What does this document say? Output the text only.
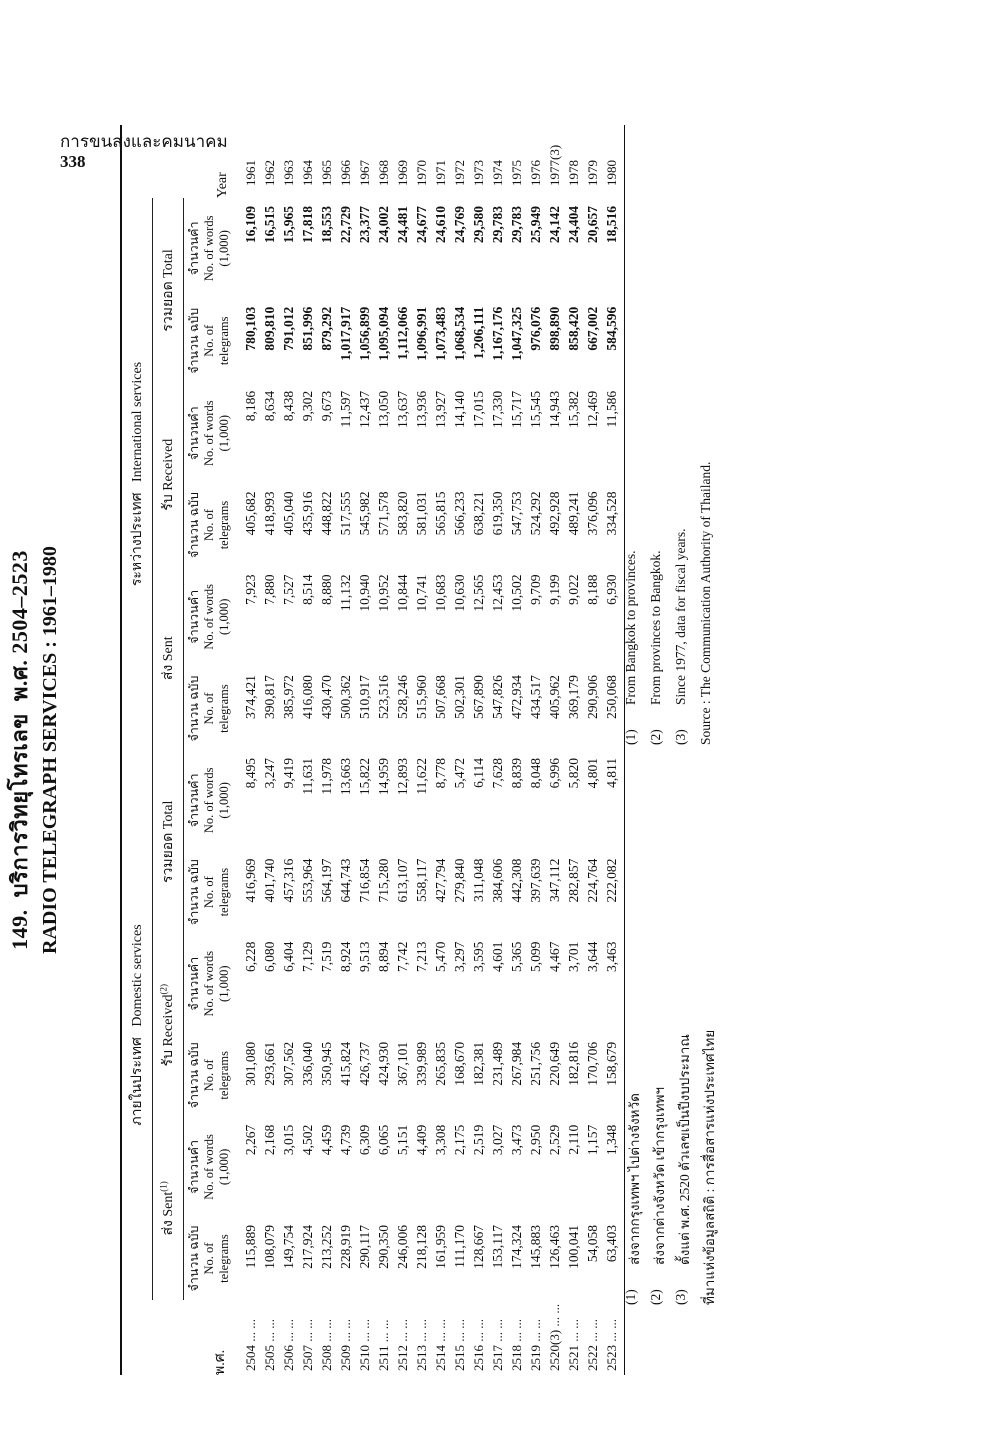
การขนส่งและคมนาคม
338
149.บริการวิทยุโทรเลขพ.ศ. 2504–2523 RADIO TELEGRAPH SERVICES : 1961–1980
พ.ศ.	ภายในประเทศ   Domestic services						ระหว่างประเทศ   International services						Year
	ส่ง Sent$^{(1)}$		รับ Received$^{(2)}$		รวมยอด Total		ส่ง Sent		รับ Received		รวมยอด Total		

	จำนวน ฉบับ No. of telegrams	จำนวนคำ No. of words (1,000)	จำนวน ฉบับ No. of telegrams	จำนวนคำ No. of words (1,000)	จำนวน ฉบับ No. of telegrams	จำนวนคำ No. of words (1,000)	จำนวน ฉบับ No. of telegrams	จำนวนคำ No. of words (1,000)	จำนวน ฉบับ No. of telegrams	จำนวนคำ No. of words (1,000)	จำนวน ฉบับ No. of telegrams	จำนวนคำ No. of words (1,000)	

2504 ... ...	115,889	2,267	301,080	6,228	416,969	8,495	374,421	7,923	405,682	8,186	780,103	16,109	1961
2505 ... ...	108,079	2,168	293,661	6,080	401,740	3,247	390,817	7,880	418,993	8,634	809,810	16,515	1962
2506 ... ...	149,754	3,015	307,562	6,404	457,316	9,419	385,972	7,527	405,040	8,438	791,012	15,965	1963
2507 ... ...	217,924	4,502	336,040	7,129	553,964	11,631	416,080	8,514	435,916	9,302	851,996	17,818	1964
2508 ... ...	213,252	4,459	350,945	7,519	564,197	11,978	430,470	8,880	448,822	9,673	879,292	18,553	1965
2509 ... ...	228,919	4,739	415,824	8,924	644,743	13,663	500,362	11,132	517,555	11,597	1,017,917	22,729	1966
2510 ... ...	290,117	6,309	426,737	9,513	716,854	15,822	510,917	10,940	545,982	12,437	1,056,899	23,377	1967
2511 ... ...	290,350	6,065	424,930	8,894	715,280	14,959	523,516	10,952	571,578	13,050	1,095,094	24,002	1968
2512 ... ...	246,006	5,151	367,101	7,742	613,107	12,893	528,246	10,844	583,820	13,637	1,112,066	24,481	1969
2513 ... ...	218,128	4,409	339,989	7,213	558,117	11,622	515,960	10,741	581,031	13,936	1,096,991	24,677	1970
2514 ... ...	161,959	3,308	265,835	5,470	427,794	8,778	507,668	10,683	565,815	13,927	1,073,483	24,610	1971
2515 ... ...	111,170	2,175	168,670	3,297	279,840	5,472	502,301	10,630	566,233	14,140	1,068,534	24,769	1972
2516 ... ...	128,667	2,519	182,381	3,595	311,048	6,114	567,890	12,565	638,221	17,015	1,206,111	29,580	1973
2517 ... ...	153,117	3,027	231,489	4,601	384,606	7,628	547,826	12,453	619,350	17,330	1,167,176	29,783	1974
2518 ... ...	174,324	3,473	267,984	5,365	442,308	8,839	472,934	10,502	547,753	15,717	1,047,325	29,783	1975
2519 ... ...	145,883	2,950	251,756	5,099	397,639	8,048	434,517	9,709	524,292	15,545	976,076	25,949	1976
2520(3) ... ...	126,463	2,529	220,649	4,467	347,112	6,996	405,962	9,199	492,928	14,943	898,890	24,142	1977(3)
2521 ... ...	100,041	2,110	182,816	3,701	282,857	5,820	369,179	9,022	489,241	15,382	858,420	24,404	1978
2522 ... ...	54,058	1,157	170,706	3,644	224,764	4,801	290,906	8,188	376,096	12,469	667,002	20,657	1979
2523 ... ...	63,403	1,348	158,679	3,463	222,082	4,811	250,068	6,930	334,528	11,586	584,596	18,516	1980

(1)
ส่งจากกรุงเทพฯ ไปต่างจังหวัด
(1)
From Bangkok to provinces.
(2)
ส่งจากต่างจังหวัด เข้ากรุงเทพฯ
(2)
From provinces to Bangkok.
(3)
ตั้งแต่ พ.ศ. 2520 ตัวเลขเป็นปีงบประมาณ
(3)
Since 1977, data for fiscal years.
ที่มาแห่งข้อมูลสถิติ : การสื่อสารแห่งประเทศไทย
Source : The Communication Authority of Thailand.
